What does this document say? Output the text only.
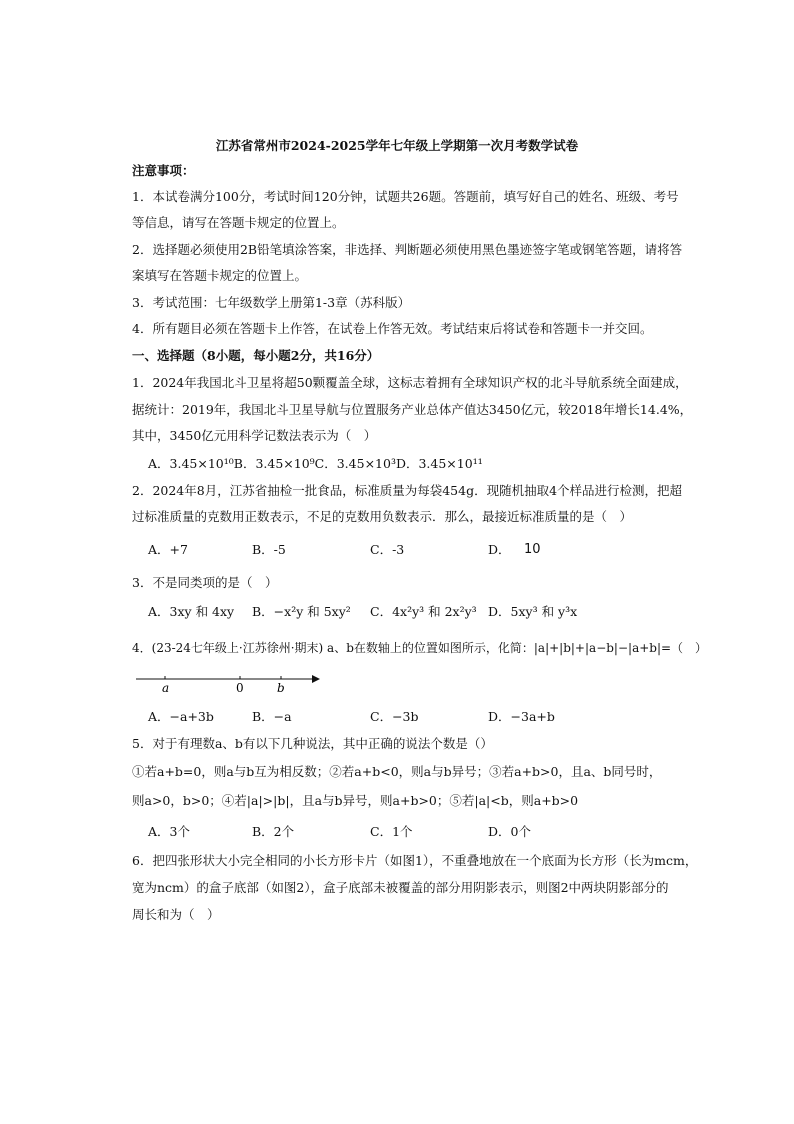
江苏省常州市2024-2025学年七年级上学期第一次月考数学试卷
注意事项：
1．本试卷满分100分，考试时间120分钟，试题共26题。答题前，填写好自己的姓名、班级、考号
等信息，请写在答题卡规定的位置上。
2．选择题必须使用2B铅笔填涂答案，非选择、判断题必须使用黑色墨迹签字笔或钢笔答题，请将答
案填写在答题卡规定的位置上。
3．考试范围：七年级数学上册第1-3章（苏科版）
4．所有题目必须在答题卡上作答，在试卷上作答无效。考试结束后将试卷和答题卡一并交回。
一、选择题（8小题，每小题2分，共16分）
1．2024年我国北斗卫星将超50颗覆盖全球，这标志着拥有全球知识产权的北斗导航系统全面建成，
据统计：2019年，我国北斗卫星导航与位置服务产业总体产值达3450亿元，较2018年增长14.4%，
其中，3450亿元用科学记数法表示为（　）
A．3.45×10¹⁰B．3.45×10⁹C．3.45×10³D．3.45×10¹¹
2．2024年8月，江苏省抽检一批食品，标准质量为每袋454g．现随机抽取4个样品进行检测，把超
过标准质量的克数用正数表示，不足的克数用负数表示．那么，最接近标准质量的是（　）
A．+7	B．-5	C．-3	D． 10
3．不是同类项的是（　）
A．3xy 和 4xy B．−x²y 和 5xy² C．4x²y³ 和 2x²y³ D．5xy³ 和 y³x
4．(23-24七年级上·江苏徐州·期末) a、b在数轴上的位置如图所示，化简：|a|+|b|+|a−b|−|a+b|=（　）
a	0	b
A．−a+3b	B．−a	C．−3b	D．−3a+b
5．对于有理数a、b有以下几种说法，其中正确的说法个数是（）
①若a+b=0，则a与b互为相反数；②若a+b<0，则a与b异号；③若a+b>0，且a、b同号时，
则a>0，b>0；④若|a|>|b|，且a与b异号，则a+b>0；⑤若|a|<b，则a+b>0
A．3个	B．2个	C．1个	D．0个
6．把四张形状大小完全相同的小长方形卡片（如图1），不重叠地放在一个底面为长方形（长为mcm，
宽为ncm）的盒子底部（如图2），盒子底部未被覆盖的部分用阴影表示，则图2中两块阴影部分的
周长和为（　）
